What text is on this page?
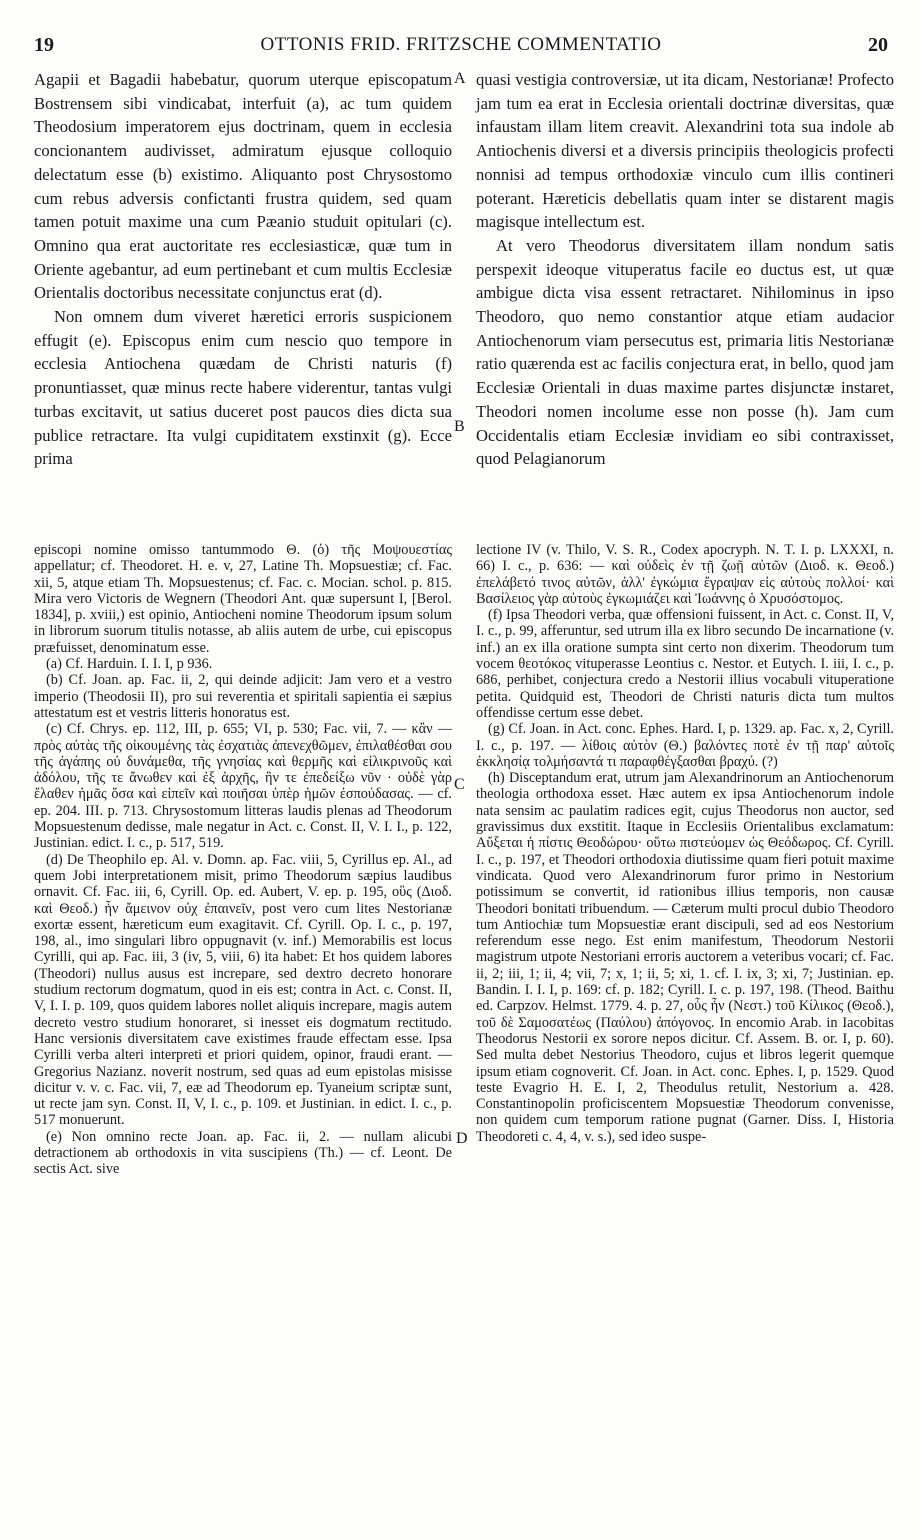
19	OTTONIS FRID. FRITZSCHE COMMENTATIO	20

Agapii et Bagadii habebatur, quorum uterque episcopatum Bostrensem sibi vindicabat, interfuit (a), ac tum quidem Theodosium imperatorem ejus doctrinam, quem in ecclesia concionantem audivisset, admiratum ejusque colloquio delectatum esse (b) existimo. Aliquanto post Chrysostomo cum rebus adversis confictanti frustra quidem, sed quam tamen potuit maxime una cum Pæanio studuit opitulari (c). Omnino qua erat auctoritate res ecclesiasticæ, quæ tum in Oriente agebantur, ad eum pertinebant et cum multis Ecclesiæ Orientalis doctoribus necessitate conjunctus erat (d).

Non omnem dum viveret hæretici erroris suspicionem effugit (e). Episcopus enim cum nescio quo tempore in ecclesia Antiochena quædam de Christi naturis (f) pronuntiasset, quæ minus recte habere viderentur, tantas vulgi turbas excitavit, ut satius duceret post paucos dies dicta sua publice retractare. Ita vulgi cupiditatem exstinxit (g). Ecce prima

quasi vestigia controversiæ, ut ita dicam, Nestorianæ! Profecto jam tum ea erat in Ecclesia orientali doctrinæ diversitas, quæ infaustam illam litem creavit. Alexandrini tota sua indole ab Antiochenis diversi et a diversis principiis theologicis profecti nonnisi ad tempus orthodoxiæ vinculo cum illis contineri poterant. Hæreticis debellatis quam inter se distarent magis magisque intellectum est.

At vero Theodorus diversitatem illam nondum satis perspexit ideoque vituperatus facile eo ductus est, ut quæ ambigue dicta visa essent retractaret. Nihilominus in ipso Theodoro, quo nemo constantior atque etiam audacior Antiochenorum viam persecutus est, primaria litis Nestorianæ ratio quærenda est ac facilis conjectura erat, in bello, quod jam Ecclesiæ Orientali in duas maxime partes disjunctæ instaret, Theodori nomen incolume esse non posse (h). Jam cum Occidentalis etiam Ecclesiæ invidiam eo sibi contraxisset, quod Pelagianorum

A
B
C
D

episcopi nomine omisso tantummodo Θ. (ὁ) τῆς Μοψουεστίας appellatur; cf. Theodoret. H. e. v, 27, Latine Th. Mopsuestiæ; cf. Fac. xii, 5, atque etiam Th. Mopsuestenus; cf. Fac. c. Mocian. schol. p. 815. Mira vero Victoris de Wegnern (Theodori Ant. quæ supersunt I, [Berol. 1834], p. xviii,) est opinio, Antiocheni nomine Theodorum ipsum solum in librorum suorum titulis notasse, ab aliis autem de urbe, cui episcopus præfuisset, denominatum esse.

(a) Cf. Harduin. I. I. I, p 936.

(b) Cf. Joan. ap. Fac. ii, 2, qui deinde adjicit: Jam vero et a vestro imperio (Theodosii II), pro sui reverentia et spiritali sapientia ei sæpius attestatum est et vestris litteris honoratus est.

(c) Cf. Chrys. ep. 112, III, p. 655; VI, p. 530; Fac. vii, 7. — κἂν — πρὸς αὐτὰς τῆς οἰκουμένης τὰς ἐσχατιὰς ἀπενεχθῶμεν, ἐπιλαθέσθαι σου τῆς ἀγάπης οὐ δυνάμεθα, τῆς γνησίας καὶ θερμῆς καὶ εἰλικρινοῦς καὶ ἀδόλου, τῆς τε ἄνωθεν καὶ ἐξ ἀρχῆς, ἣν τε ἐπεδείξω νῦν · οὐδὲ γὰρ ἔλαθεν ἡμᾶς ὅσα καὶ εἰπεῖν καὶ ποιῆσαι ὑπὲρ ἡμῶν ἐσπούδασας. — cf. ep. 204. III. p. 713. Chrysostomum litteras laudis plenas ad Theodorum Mopsuestenum dedisse, male negatur in Act. c. Const. II, V. I. I., p. 122, Justinian. edict. I. c., p. 517, 519.

(d) De Theophilo ep. Al. v. Domn. ap. Fac. viii, 5, Cyrillus ep. Al., ad quem Jobi interpretationem misit, primo Theodorum sæpius laudibus ornavit. Cf. Fac. iii, 6, Cyrill. Op. ed. Aubert, V. ep. p. 195, οὓς (Διοδ. καὶ Θεοδ.) ἦν ἄμεινον οὐχ ἐπαινεῖν, post vero cum lites Nestorianæ exortæ essent, hæreticum eum exagitavit. Cf. Cyrill. Op. I. c., p. 197, 198, al., imo singulari libro oppugnavit (v. inf.) Memorabilis est locus Cyrilli, qui ap. Fac. iii, 3 (iv, 5, viii, 6) ita habet: Et hos quidem labores (Theodori) nullus ausus est increpare, sed dextro decreto honorare studium rectorum dogmatum, quod in eis est; contra in Act. c. Const. II, V, I. I. p. 109, quos quidem labores nollet aliquis increpare, magis autem decreto vestro studium honoraret, si inesset eis dogmatum rectitudo. Hanc versionis diversitatem cave existimes fraude effectam esse. Ipsa Cyrilli verba alteri interpreti et priori quidem, opinor, fraudi erant. — Gregorius Nazianz. noverit nostrum, sed quas ad eum epistolas misisse dicitur v. v. c. Fac. vii, 7, eæ ad Theodorum ep. Tyaneium scriptæ sunt, ut recte jam syn. Const. II, V, I. c., p. 109. et Justinian. in edict. I. c., p. 517 monuerunt.

(e) Non omnino recte Joan. ap. Fac. ii, 2. — nullam alicubi detractionem ab orthodoxis in vita suscipiens (Th.) — cf. Leont. De sectis Act. sive

lectione IV (v. Thilo, V. S. R., Codex apocryph. N. T. I. p. LXXXI, n. 66) I. c., p. 636: — καὶ οὐδεὶς ἐν τῇ ζωῇ αὐτῶν (Διοδ. κ. Θεοδ.) ἐπελάβετό τινος αὐτῶν, ἀλλ' ἐγκώμια ἔγραψαν εἰς αὐτοὺς πολλοί· καὶ Βασίλειος γὰρ αὐτοὺς ἐγκωμιάζει καὶ Ἰωάννης ὁ Χρυσόστομος.

(f) Ipsa Theodori verba, quæ offensioni fuissent, in Act. c. Const. II, V, I. c., p. 99, afferuntur, sed utrum illa ex libro secundo De incarnatione (v. inf.) an ex illa oratione sumpta sint certo non dixerim. Theodorum tum vocem θεοτόκος vituperasse Leontius c. Nestor. et Eutych. I. iii, I. c., p. 686, perhibet, conjectura credo a Nestorii illius vocabuli vituperatione petita. Quidquid est, Theodori de Christi naturis dicta tum multos offendisse certum esse debet.

(g) Cf. Joan. in Act. conc. Ephes. Hard. I, p. 1329. ap. Fac. x, 2, Cyrill. I. c., p. 197. — λίθοις αὐτὸν (Θ.) βαλόντες ποτὲ ἐν τῇ παρ' αὐτοῖς ἐκκλησίᾳ τολμήσαντά τι παραφθέγξασθαι βραχύ. (?)

(h) Disceptandum erat, utrum jam Alexandrinorum an Antiochenorum theologia orthodoxa esset. Hæc autem ex ipsa Antiochenorum indole nata sensim ac paulatim radices egit, cujus Theodorus non auctor, sed gravissimus dux exstitit. Itaque in Ecclesiis Orientalibus exclamatum: Αὔξεται ἡ πίστις Θεοδώρου· οὕτω πιστεύομεν ὡς Θεόδωρος. Cf. Cyrill. I. c., p. 197, et Theodori orthodoxia diutissime quam fieri potuit maxime vindicata. Quod vero Alexandrinorum furor primo in Nestorium potissimum se convertit, id rationibus illius temporis, non causæ Theodori bonitati tribuendum. — Cæterum multi procul dubio Theodoro tum Antiochiæ tum Mopsuestiæ erant discipuli, sed ad eos Nestorium referendum esse nego. Est enim manifestum, Theodorum Nestorii magistrum utpote Nestoriani erroris auctorem a veteribus vocari; cf. Fac. ii, 2; iii, 1; ii, 4; vii, 7; x, 1; ii, 5; xi, 1. cf. I. ix, 3; xi, 7; Justinian. ep. Bandin. I. I. I, p. 169: cf. p. 182; Cyrill. I. c. p. 197, 198. (Theod. Baithu ed. Carpzov. Helmst. 1779. 4. p. 27, οὗς ἦν (Νεστ.) τοῦ Κίλικος (Θεοδ.), τοῦ δὲ Σαμοσατέως (Παύλου) ἀπόγονος. In encomio Arab. in Iacobitas Theodorus Nestorii ex sorore nepos dicitur. Cf. Assem. B. or. I, p. 60). Sed multa debet Nestorius Theodoro, cujus et libros legerit quemque ipsum etiam cognoverit. Cf. Joan. in Act. conc. Ephes. I, p. 1529. Quod teste Evagrio H. E. I, 2, Theodulus retulit, Nestorium a. 428. Constantinopolin proficiscentem Mopsuestiæ Theodorum convenisse, non quidem cum temporum ratione pugnat (Garner. Diss. I, Historia Theodoreti c. 4, 4, v. s.), sed ideo suspe-
